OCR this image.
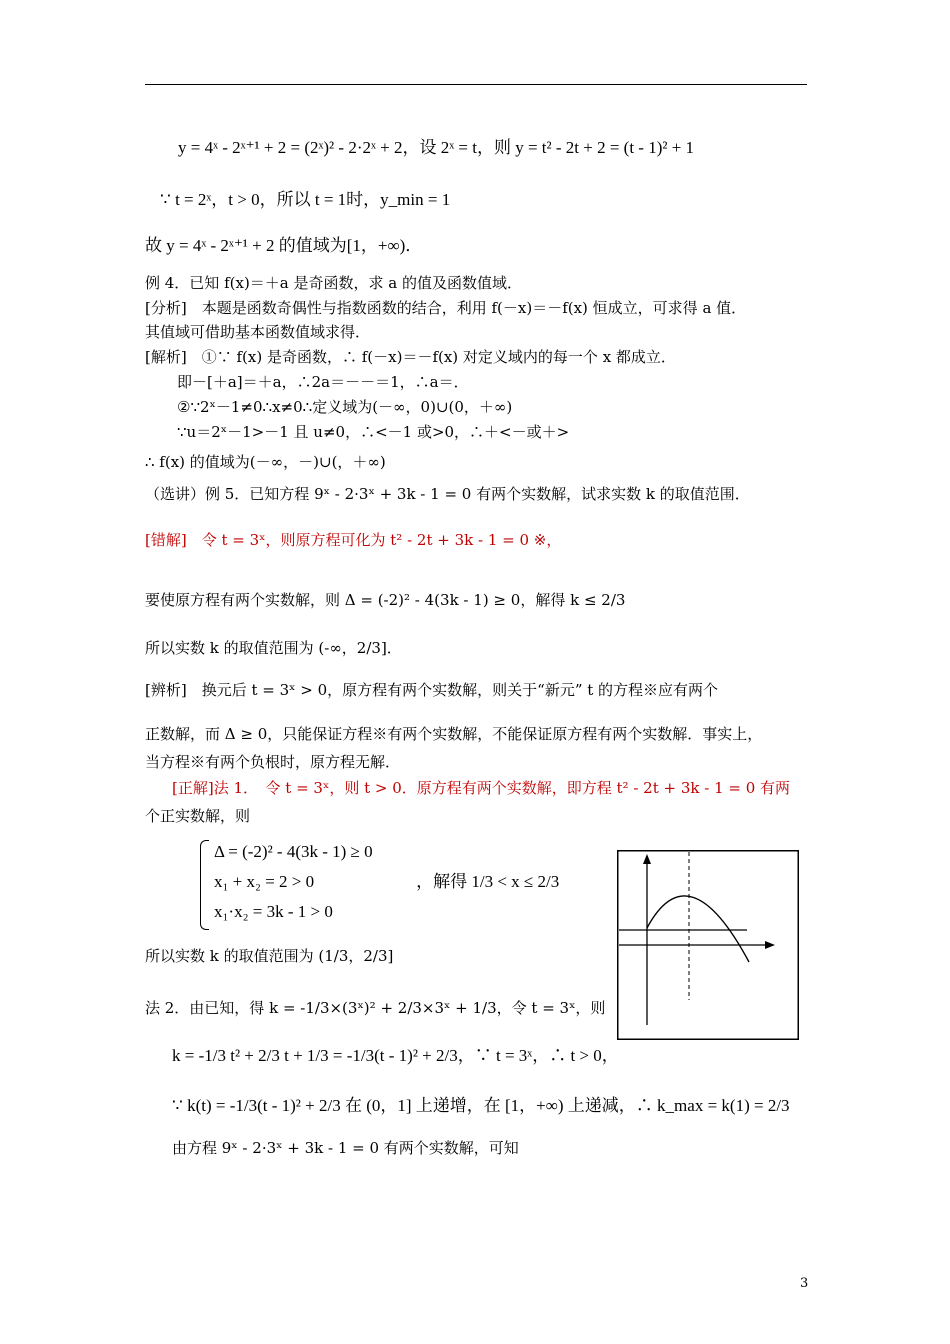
y = 4ˣ - 2ˣ⁺¹ + 2 = (2ˣ)² - 2·2ˣ + 2，设 2ˣ = t，则 y = t² - 2t + 2 = (t - 1)² + 1
∵ t = 2ˣ，t > 0，所以 t = 1时，y_min = 1
故 y = 4ˣ - 2ˣ⁺¹ + 2 的值域为[1，+∞)．
例 4．已知 f(x)＝＋a 是奇函数，求 a 的值及函数值域．
[分析]　本题是函数奇偶性与指数函数的结合，利用 f(－x)＝－f(x) 恒成立，可求得 a 值．
其值域可借助基本函数值域求得．
[解析]　①∵ f(x) 是奇函数，∴ f(－x)＝－f(x) 对定义域内的每一个 x 都成立．
即－[＋a]＝＋a，∴2a＝－－＝1，∴a＝．
②∵2ˣ－1≠0∴x≠0∴定义域为(－∞，0)∪(0，＋∞)
∵u＝2ˣ－1>－1 且 u≠0，∴<－1 或>0，∴＋<－或＋>
∴ f(x) 的值域为(－∞，－)∪(，＋∞)
（选讲）例 5．已知方程 9ˣ - 2·3ˣ + 3k - 1 = 0 有两个实数解，试求实数 k 的取值范围．
[错解]　令 t = 3ˣ，则原方程可化为 t² - 2t + 3k - 1 = 0 ※，
要使原方程有两个实数解，则 Δ = (-2)² - 4(3k - 1) ≥ 0，解得 k ≤ 2/3
所以实数 k 的取值范围为 (-∞，2/3]．
[辨析]　换元后 t = 3ˣ > 0，原方程有两个实数解，则关于“新元” t 的方程※应有两个
正数解，而 Δ ≥ 0，只能保证方程※有两个实数解，不能保证原方程有两个实数解．事实上，
当方程※有两个负根时，原方程无解．
[正解]法 1．　令 t = 3ˣ，则 t > 0．原方程有两个实数解，即方程 t² - 2t + 3k - 1 = 0 有两
个正实数解，则
Δ = (-2)² - 4(3k - 1) ≥ 0
x₁ + x₂ = 2 > 0　　　　　　，解得 1/3 < x ≤ 2/3
x₁·x₂ = 3k - 1 > 0
所以实数 k 的取值范围为 (1/3，2/3]
法 2．由已知，得 k = -1/3×(3ˣ)² + 2/3×3ˣ + 1/3，令 t = 3ˣ，则
k = -1/3 t² + 2/3 t + 1/3 = -1/3(t - 1)² + 2/3，∵ t = 3ˣ，∴ t > 0，
∵ k(t) = -1/3(t - 1)² + 2/3 在 (0，1] 上递增，在 [1，+∞) 上递减，∴ k_max = k(1) = 2/3
由方程 9ˣ - 2·3ˣ + 3k - 1 = 0 有两个实数解，可知
3
